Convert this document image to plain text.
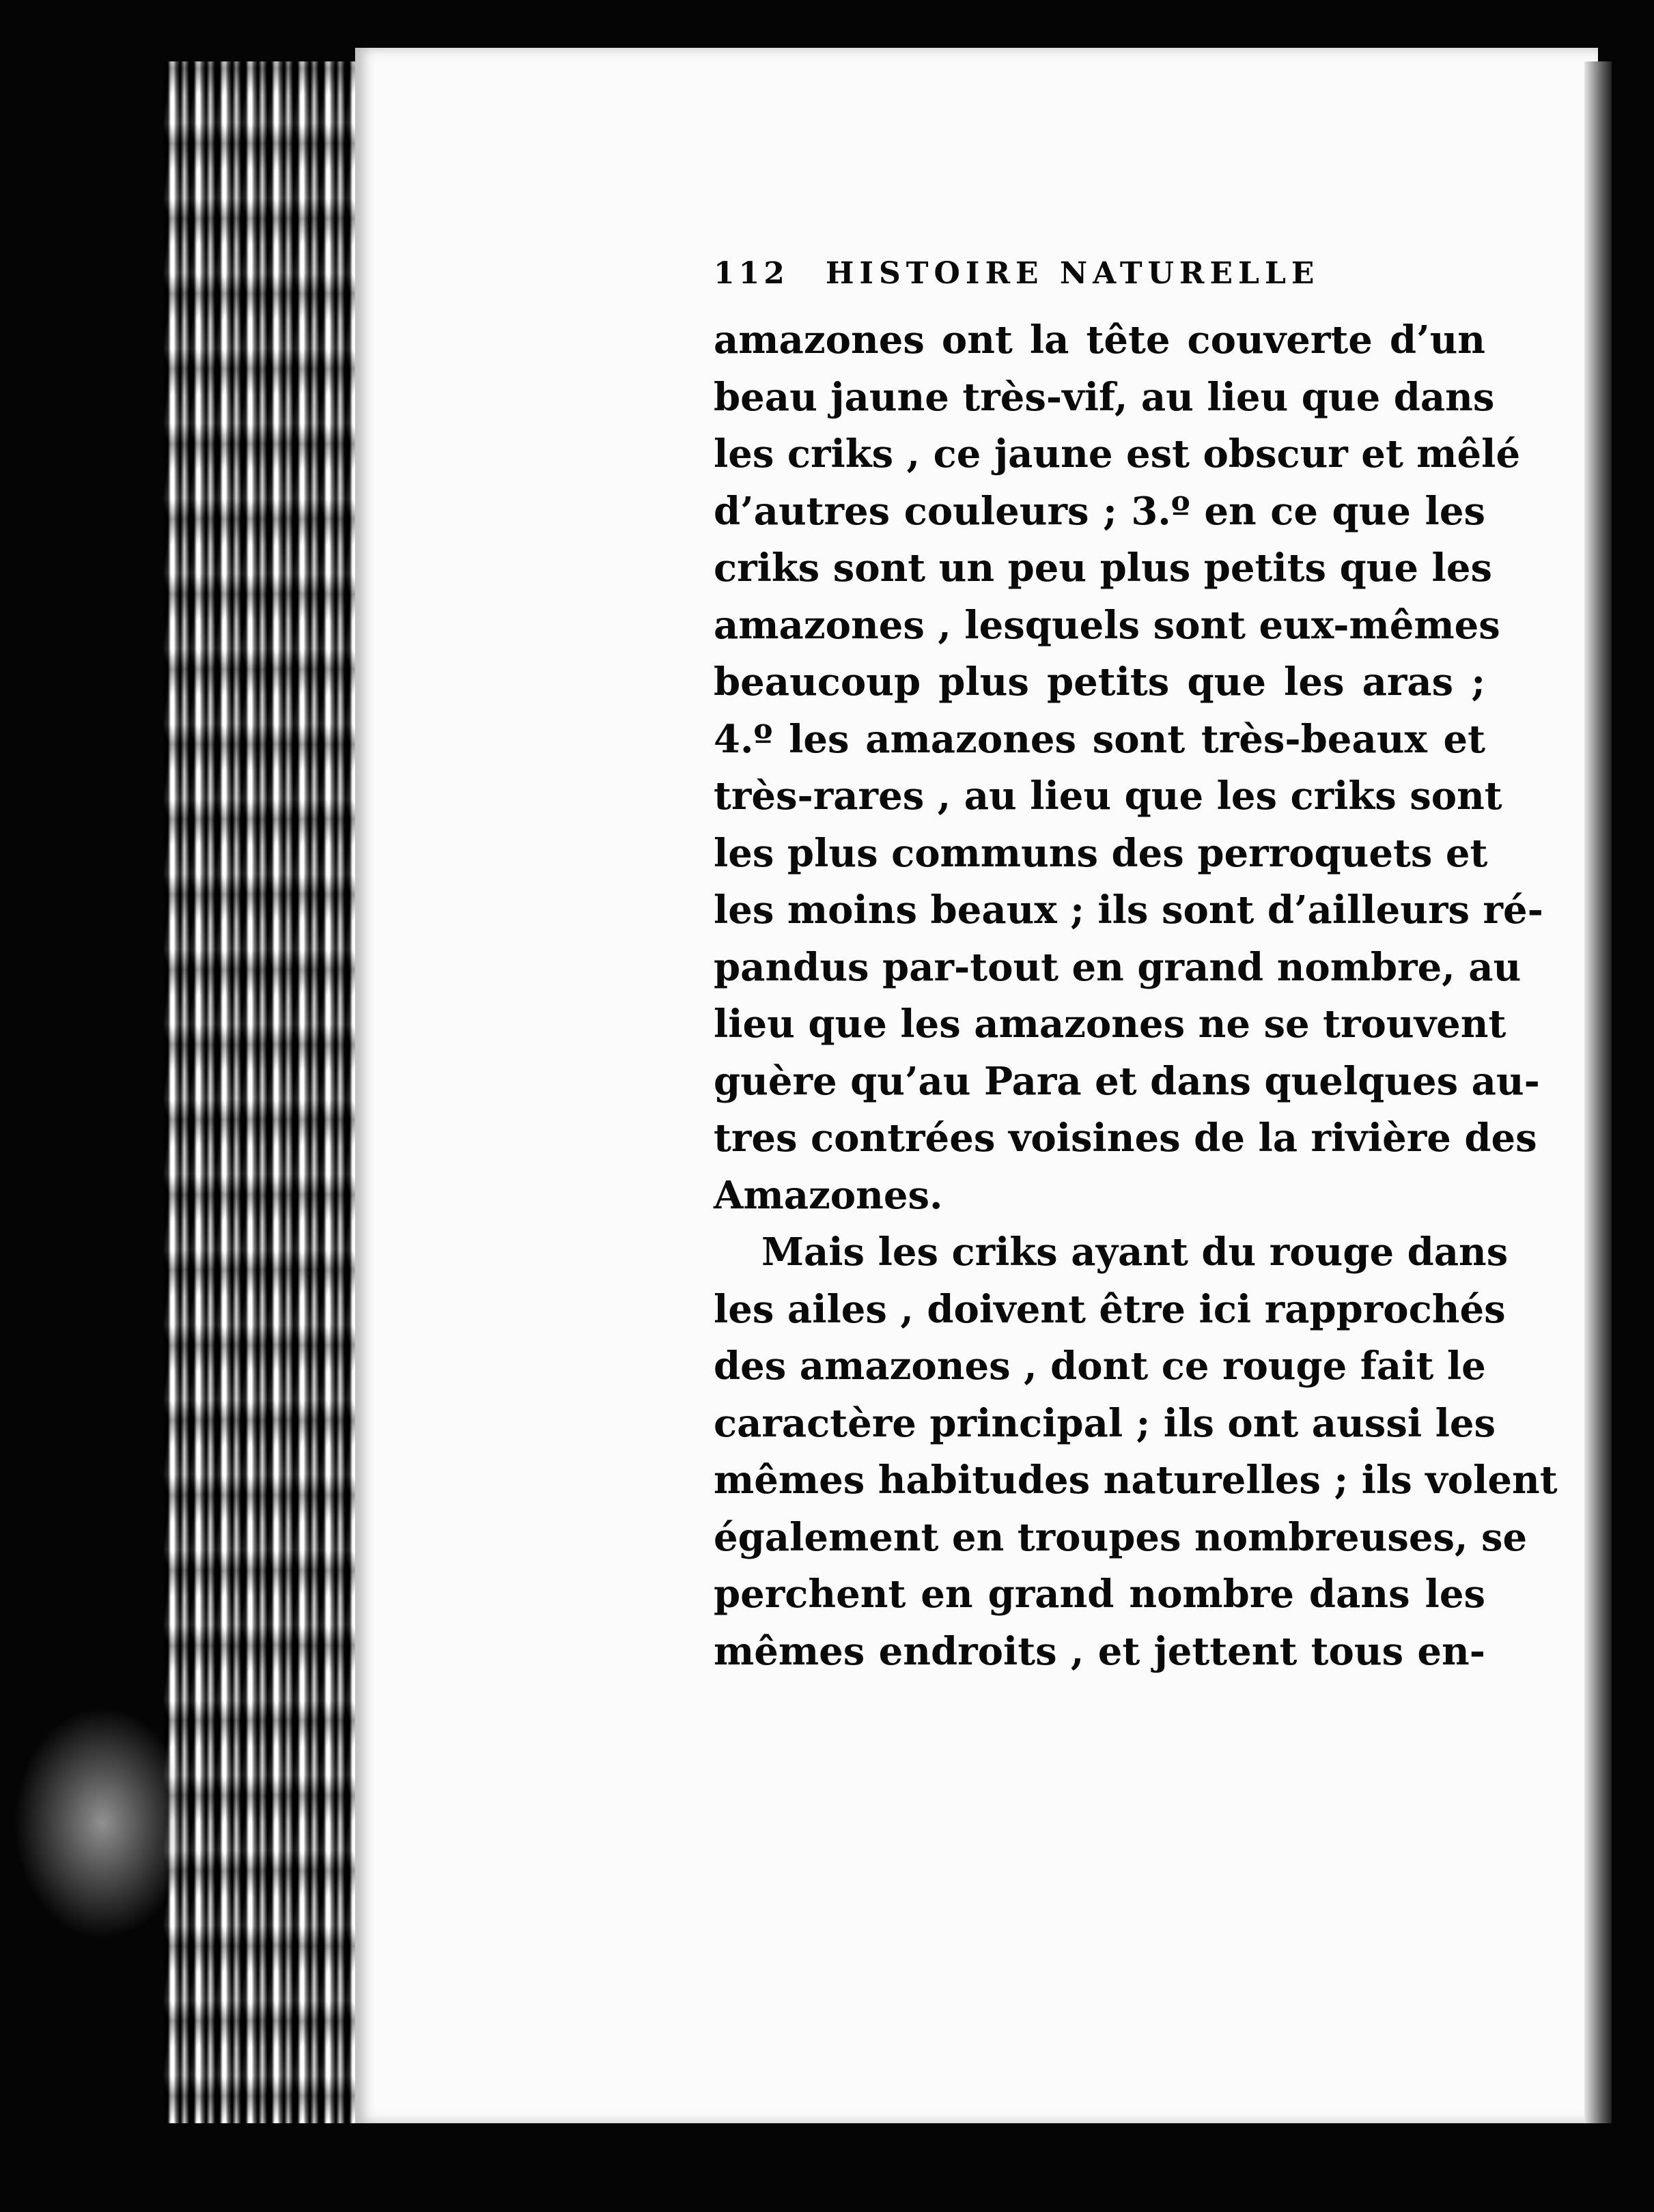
112 HISTOIRE NATURELLE
amazones ont la tête couverte d’un
beau jaune très-vif, au lieu que dans
les criks , ce jaune est obscur et mêlé
d’autres couleurs ; 3.º en ce que les
criks sont un peu plus petits que les
amazones , lesquels sont eux-mêmes
beaucoup plus petits que les aras ;
4.º les amazones sont très-beaux et
très-rares , au lieu que les criks sont
les plus communs des perroquets et
les moins beaux ; ils sont d’ailleurs ré-
pandus par-tout en grand nombre, au
lieu que les amazones ne se trouvent
guère qu’au Para et dans quelques au-
tres contrées voisines de la rivière des
Amazones.
Mais les criks ayant du rouge dans
les ailes , doivent être ici rapprochés
des amazones , dont ce rouge fait le
caractère principal ; ils ont aussi les
mêmes habitudes naturelles ; ils volent
également en troupes nombreuses, se
perchent en grand nombre dans les
mêmes endroits , et jettent tous en-
